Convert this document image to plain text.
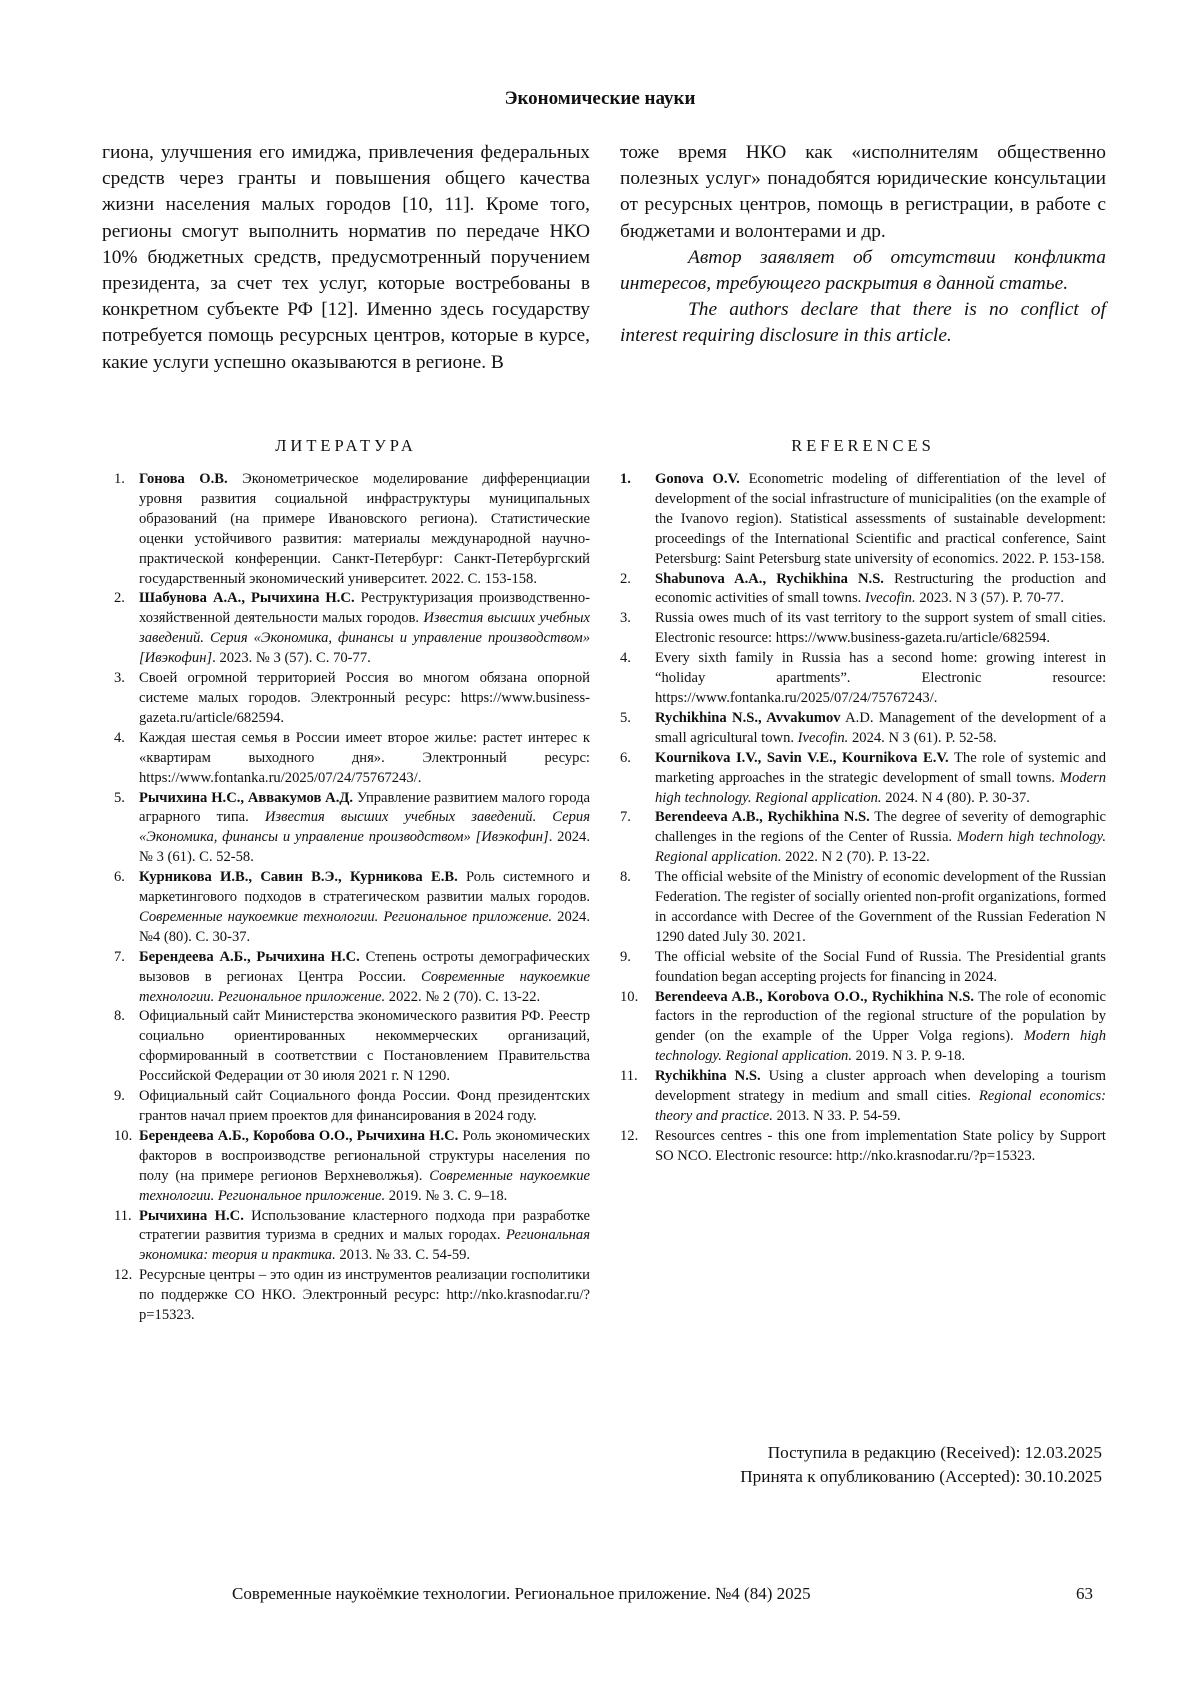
Экономические науки

гиона, улучшения его имиджа, привлечения федеральных средств через гранты и повышения общего качества жизни населения малых городов [10, 11]. Кроме того, регионы смогут выполнить норматив по передаче НКО 10% бюджетных средств, предусмотренный поручением президента, за счет тех услуг, которые востребованы в конкретном субъекте РФ [12]. Именно здесь государству потребуется помощь ресурсных центров, которые в курсе, какие услуги успешно оказываются в регионе. В

тоже время НКО как «исполнителям общественно полезных услуг» понадобятся юридические консультации от ресурсных центров, помощь в регистрации, в работе с бюджетами и волонтерами и др.

Автор заявляет об отсутствии конфликта интересов, требующего раскрытия в данной статье.

The authors declare that there is no conflict of interest requiring disclosure in this article.

ЛИТЕРАТУРА	REFERENCES
1. Гонова О.В. Эконометрическое моделирование дифференциации уровня развития социальной инфраструктуры муниципальных образований (на примере Ивановского региона). Статистические оценки устойчивого развития: материалы международной научно-практической конференции. Санкт-Петербург: Санкт-Петербургский государственный экономический университет. 2022. С. 153-158.
2. Шабунова А.А., Рычихина Н.С. Реструктуризация производственно-хозяйственной деятельности малых городов. Известия высших учебных заведений. Серия «Экономика, финансы и управление производством» [Ивэкофин]. 2023. № 3 (57). С. 70-77.
3. Своей огромной территорией Россия во многом обязана опорной системе малых городов. Электронный ресурс: https://www.business-gazeta.ru/article/682594.
4. Каждая шестая семья в России имеет второе жилье: растет интерес к «квартирам выходного дня». Электронный ресурс: https://www.fontanka.ru/2025/07/24/75767243/.
5. Рычихина Н.С., Аввакумов А.Д. Управление развитием малого города аграрного типа. Известия высших учебных заведений. Серия «Экономика, финансы и управление производством» [Ивэкофин]. 2024. № 3 (61). С. 52-58.
6. Курникова И.В., Савин В.Э., Курникова Е.В. Роль системного и маркетингового подходов в стратегическом развитии малых городов. Современные наукоемкие технологии. Региональное приложение. 2024. №4 (80). С. 30-37.
7. Берендеева А.Б., Рычихина Н.С. Степень остроты демографических вызовов в регионах Центра России. Современные наукоемкие технологии. Региональное приложение. 2022. № 2 (70). С. 13-22.
8. Официальный сайт Министерства экономического развития РФ. Реестр социально ориентированных некоммерческих организаций, сформированный в соответствии с Постановлением Правительства Российской Федерации от 30 июля 2021 г. N 1290.
9. Официальный сайт Социального фонда России. Фонд президентских грантов начал прием проектов для финансирования в 2024 году.
10. Берендеева А.Б., Коробова О.О., Рычихина Н.С. Роль экономических факторов в воспроизводстве региональной структуры населения по полу (на примере регионов Верхневолжья). Современные наукоемкие технологии. Региональное приложение. 2019. № 3. С. 9–18.
11. Рычихина Н.С. Использование кластерного подхода при разработке стратегии развития туризма в средних и малых городах. Региональная экономика: теория и практика. 2013. № 33. С. 54-59.
12. Ресурсные центры – это один из инструментов реализации госполитики по поддержке СО НКО. Электронный ресурс: http://nko.krasnodar.ru/?p=15323.
1.	Gonova O.V. Econometric modeling of differentiation of the level of development of the social infrastructure of municipalities (on the example of the Ivanovo region). Statistical assessments of sustainable development: proceedings of the International Scientific and practical conference, Saint Petersburg: Saint Petersburg state university of economics. 2022. P. 153-158.
2.	Shabunova A.A., Rychikhina N.S. Restructuring the production and economic activities of small towns. Ivecofin. 2023. N 3 (57). P. 70-77.
3.	Russia owes much of its vast territory to the support system of small cities. Electronic resource: https://www.business-gazeta.ru/article/682594.
4.	Every sixth family in Russia has a second home: growing interest in “holiday apartments”. Electronic resource: https://www.fontanka.ru/2025/07/24/75767243/.
5.	Rychikhina N.S., Avvakumov A.D. Management of the development of a small agricultural town. Ivecofin. 2024. N 3 (61). P. 52-58.
6.	Kournikova I.V., Savin V.E., Kournikova E.V. The role of systemic and marketing approaches in the strategic development of small towns. Modern high technology. Regional application. 2024. N 4 (80). P. 30-37.
7.	Berendeeva A.B., Rychikhina N.S. The degree of severity of demographic challenges in the regions of the Center of Russia. Modern high technology. Regional application. 2022. N 2 (70). P. 13-22.
8.	The official website of the Ministry of economic development of the Russian Federation. The register of socially oriented non-profit organizations, formed in accordance with Decree of the Government of the Russian Federation N 1290 dated July 30. 2021.
9.	The official website of the Social Fund of Russia. The Presidential grants foundation began accepting projects for financing in 2024.
10.	Berendeeva A.B., Korobova O.O., Rychikhina N.S. The role of economic factors in the reproduction of the regional structure of the population by gender (on the example of the Upper Volga regions). Modern high technology. Regional application. 2019. N 3. P. 9-18.
11.	Rychikhina N.S. Using a cluster approach when developing a tourism development strategy in medium and small cities. Regional economics: theory and practice. 2013. N 33. P. 54-59.
12.	Resources centres - this one from implementation State policy by Support SO NCO. Electronic resource: http://nko.krasnodar.ru/?p=15323.
Поступила в редакцию (Received): 12.03.2025
Принята к опубликованию (Accepted): 30.10.2025
Современные наукоёмкие технологии. Региональное приложение. №4 (84) 2025	63
